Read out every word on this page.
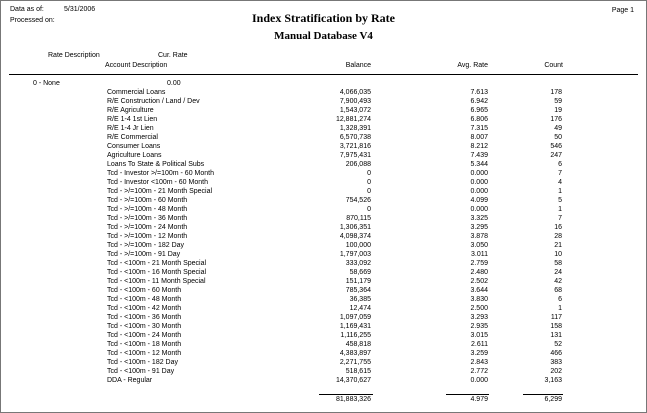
Data as of:	5/31/2006
Processed on:
Page 1
Index Stratification by Rate
Manual Database V4
Rate Description	Cur. Rate
Account Description	Balance	Avg. Rate	Count
0 - None	0.00
Commercial Loans	4,066,035	7.613	178
R/E Construction / Land / Dev	7,900,493	6.942	59
R/E Agriculture	1,543,072	6.965	19
R/E 1-4 1st Lien	12,881,274	6.806	176
R/E 1-4 Jr Lien	1,328,391	7.315	49
R/E Commercial	6,570,738	8.007	50
Consumer Loans	3,721,816	8.212	546
Agriculture Loans	7,975,431	7.439	247
Loans To State & Political Subs	206,088	5.344	6
Tcd - Investor >/=100m - 60 Month	0	0.000	7
Tcd - Investor <100m - 60 Month	0	0.000	4
Tcd - >/=100m - 21 Month Special	0	0.000	1
Tcd - >/=100m - 60 Month	754,526	4.099	5
Tcd - >/=100m - 48 Month	0	0.000	1
Tcd - >/=100m - 36 Month	870,115	3.325	7
Tcd - >/=100m - 24 Month	1,306,351	3.295	16
Tcd - >/=100m - 12 Month	4,098,374	3.878	28
Tcd - >/=100m - 182 Day	100,000	3.050	21
Tcd - >/=100m - 91 Day	1,797,003	3.011	10
Tcd - <100m - 21 Month Special	333,092	2.759	58
Tcd - <100m - 16 Month Special	58,669	2.480	24
Tcd - <100m - 11 Month Special	151,179	2.502	42
Tcd - <100m - 60 Month	785,364	3.644	68
Tcd - <100m - 48 Month	36,385	3.830	6
Tcd - <100m - 42 Month	12,474	2.500	1
Tcd - <100m - 36 Month	1,097,059	3.293	117
Tcd - <100m - 30 Month	1,169,431	2.935	158
Tcd - <100m - 24 Month	1,116,255	3.015	131
Tcd - <100m - 18 Month	458,818	2.611	52
Tcd - <100m - 12 Month	4,383,897	3.259	466
Tcd - <100m - 182 Day	2,271,755	2.843	383
Tcd - <100m - 91 Day	518,615	2.772	202
DDA - Regular	14,370,627	0.000	3,163
81,883,326	4.979	6,299
